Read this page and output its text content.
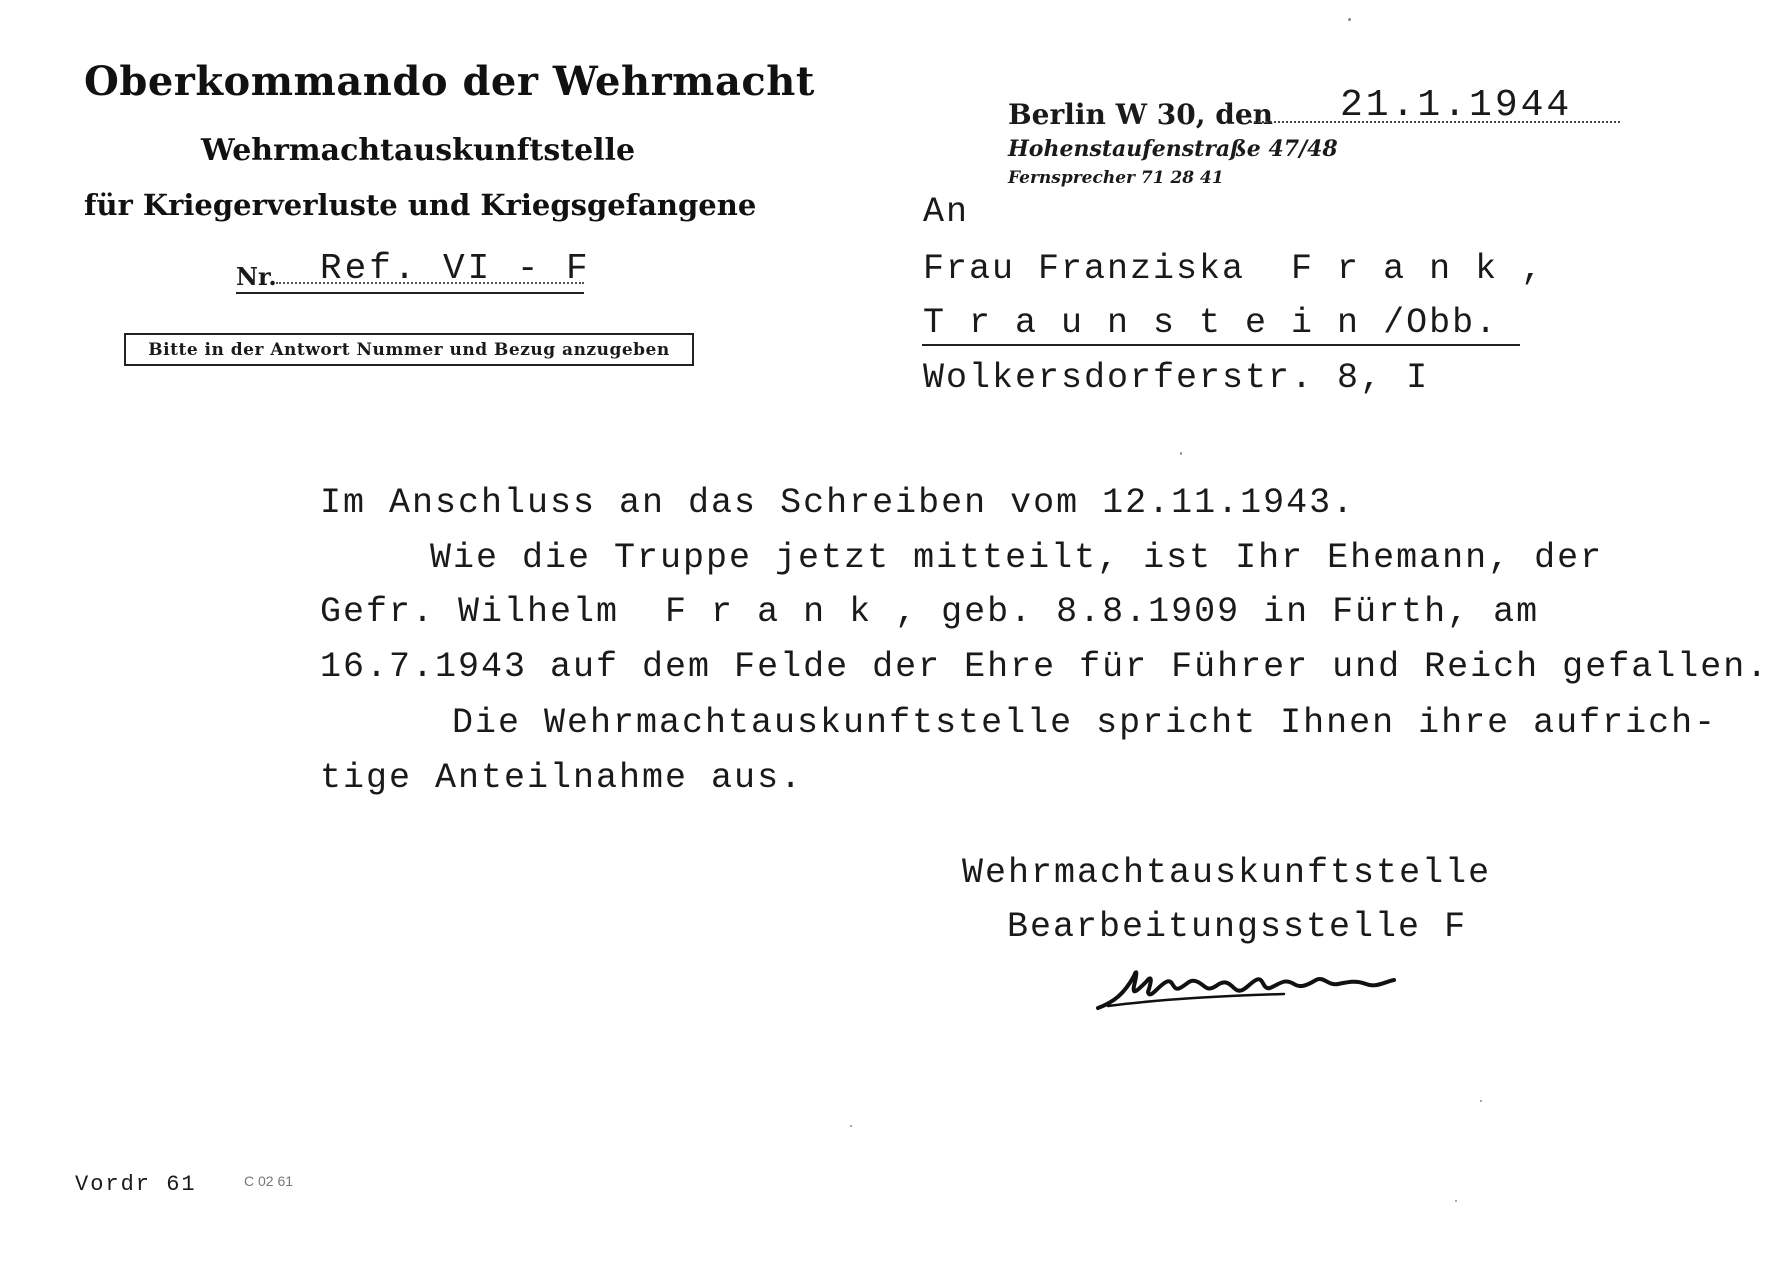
Oberkommando der Wehrmacht
Wehrmachtauskunftstelle
für Kriegerverluste und Kriegsgefangene
Nr. Ref. VI - F
Bitte in der Antwort Nummer und Bezug anzugeben
Berlin W 30, den 21.1.1944
Hohenstaufenstraße 47/48
Fernsprecher 71 28 41
An
Frau Franziska  F r a n k ,
T r a u n s t e i n /Obb.
Wolkersdorferstr. 8, I
Im Anschluss an das Schreiben vom 12.11.1943.
Wie die Truppe jetzt mitteilt, ist Ihr Ehemann, der
Gefr. Wilhelm  F r a n k , geb. 8.8.1909 in Fürth, am
16.7.1943 auf dem Felde der Ehre für Führer und Reich gefallen.
Die Wehrmachtauskunftstelle spricht Ihnen ihre aufrich-
tige Anteilnahme aus.
Wehrmachtauskunftstelle
Bearbeitungsstelle F
Vordr 61	C 02 61
